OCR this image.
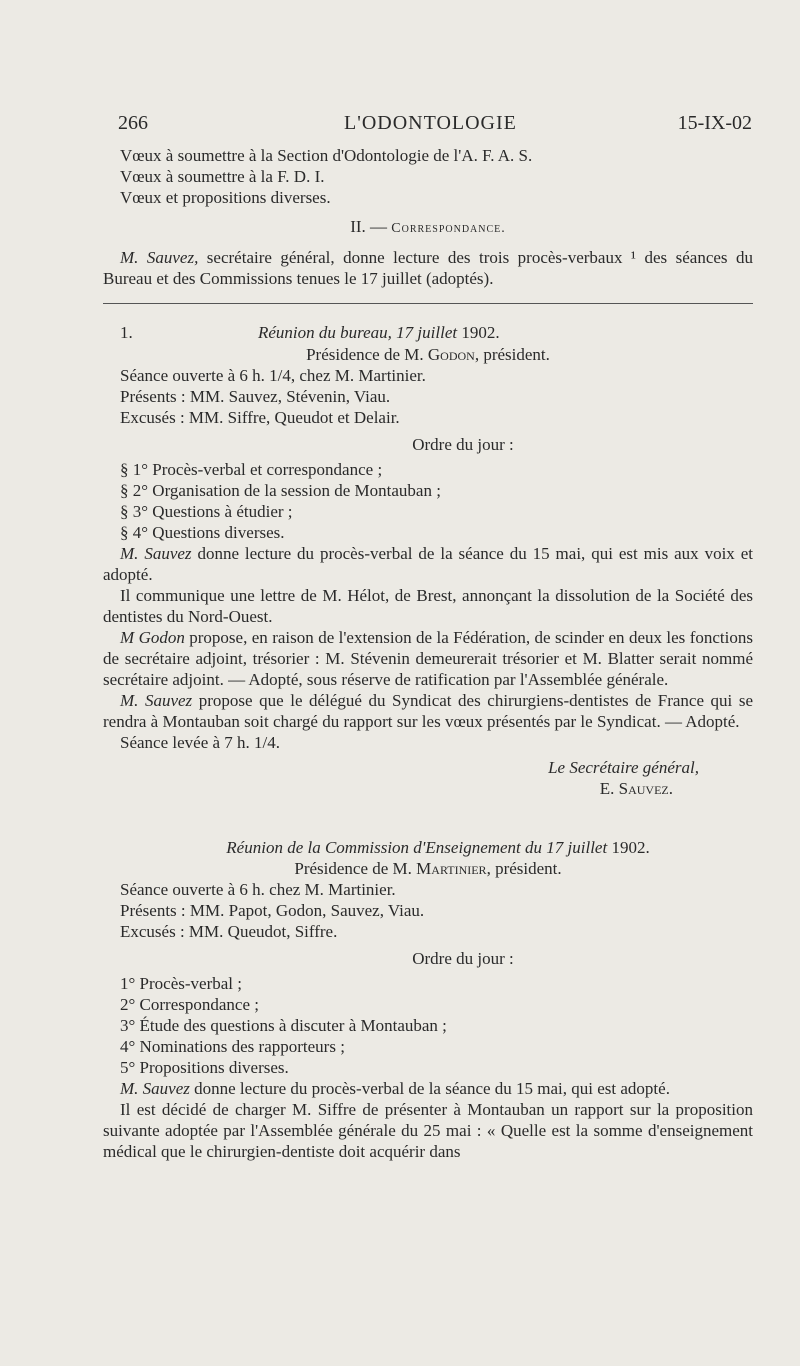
266	L'ODONTOLOGIE	15-IX-02
Vœux à soumettre à la Section d'Odontologie de l'A. F. A. S.
Vœux à soumettre à la F. D. I.
Vœux et propositions diverses.
II. — Correspondance.

M. Sauvez, secrétaire général, donne lecture des trois procès-verbaux ¹ des séances du Bureau et des Commissions tenues le 17 juillet (adoptés).

1.	Réunion du bureau, 17 juillet 1902.
Présidence de M. Godon, président.
Séance ouverte à 6 h. 1/4, chez M. Martinier.
Présents : MM. Sauvez, Stévenin, Viau.
Excusés : MM. Siffre, Queudot et Delair.
Ordre du jour :
§ 1° Procès-verbal et correspondance ;
§ 2° Organisation de la session de Montauban ;
§ 3° Questions à étudier ;
§ 4° Questions diverses.

M. Sauvez donne lecture du procès-verbal de la séance du 15 mai, qui est mis aux voix et adopté.

Il communique une lettre de M. Hélot, de Brest, annonçant la dissolution de la Société des dentistes du Nord-Ouest.

M Godon propose, en raison de l'extension de la Fédération, de scinder en deux les fonctions de secrétaire adjoint, trésorier : M. Stévenin demeurerait trésorier et M. Blatter serait nommé secrétaire adjoint. — Adopté, sous réserve de ratification par l'Assemblée générale.

M. Sauvez propose que le délégué du Syndicat des chirurgiens-dentistes de France qui se rendra à Montauban soit chargé du rapport sur les vœux présentés par le Syndicat. — Adopté.

Séance levée à 7 h. 1/4.
Le Secrétaire général,
E. Sauvez.
Réunion de la Commission d'Enseignement du 17 juillet 1902.
Présidence de M. Martinier, président.
Séance ouverte à 6 h. chez M. Martinier.
Présents : MM. Papot, Godon, Sauvez, Viau.
Excusés : MM. Queudot, Siffre.
Ordre du jour :
1° Procès-verbal ;
2° Correspondance ;
3° Étude des questions à discuter à Montauban ;
4° Nominations des rapporteurs ;
5° Propositions diverses.

M. Sauvez donne lecture du procès-verbal de la séance du 15 mai, qui est adopté.

Il est décidé de charger M. Siffre de présenter à Montauban un rapport sur la proposition suivante adoptée par l'Assemblée générale du 25 mai : « Quelle est la somme d'enseignement médical que le chirurgien-dentiste doit acquérir dans
